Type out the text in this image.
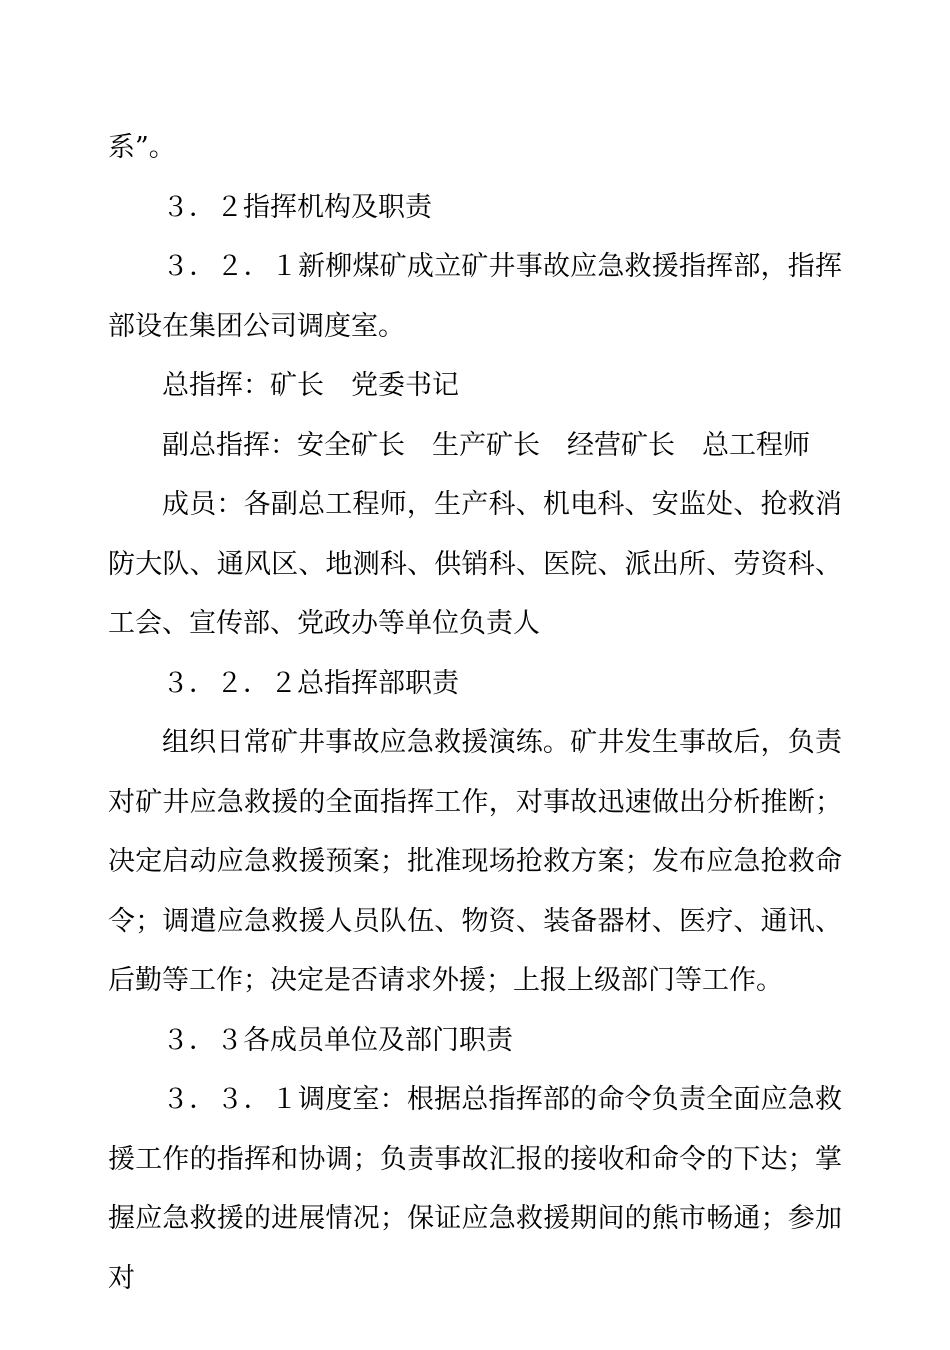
系”。

３．２指挥机构及职责

３．２．１新柳煤矿成立矿井事故应急救援指挥部，指挥部设在集团公司调度室。

总指挥：矿长　党委书记

副总指挥：安全矿长　生产矿长　经营矿长　总工程师

成员：各副总工程师，生产科、机电科、安监处、抢救消防大队、通风区、地测科、供销科、医院、派出所、劳资科、工会、宣传部、党政办等单位负责人

３．２．２总指挥部职责

组织日常矿井事故应急救援演练。矿井发生事故后，负责对矿井应急救援的全面指挥工作，对事故迅速做出分析推断；决定启动应急救援预案；批准现场抢救方案；发布应急抢救命令；调遣应急救援人员队伍、物资、装备器材、医疗、通讯、后勤等工作；决定是否请求外援；上报上级部门等工作。

３．３各成员单位及部门职责

３．３．１调度室：根据总指挥部的命令负责全面应急救援工作的指挥和协调；负责事故汇报的接收和命令的下达；掌握应急救援的进展情况；保证应急救援期间的熊市畅通；参加对
